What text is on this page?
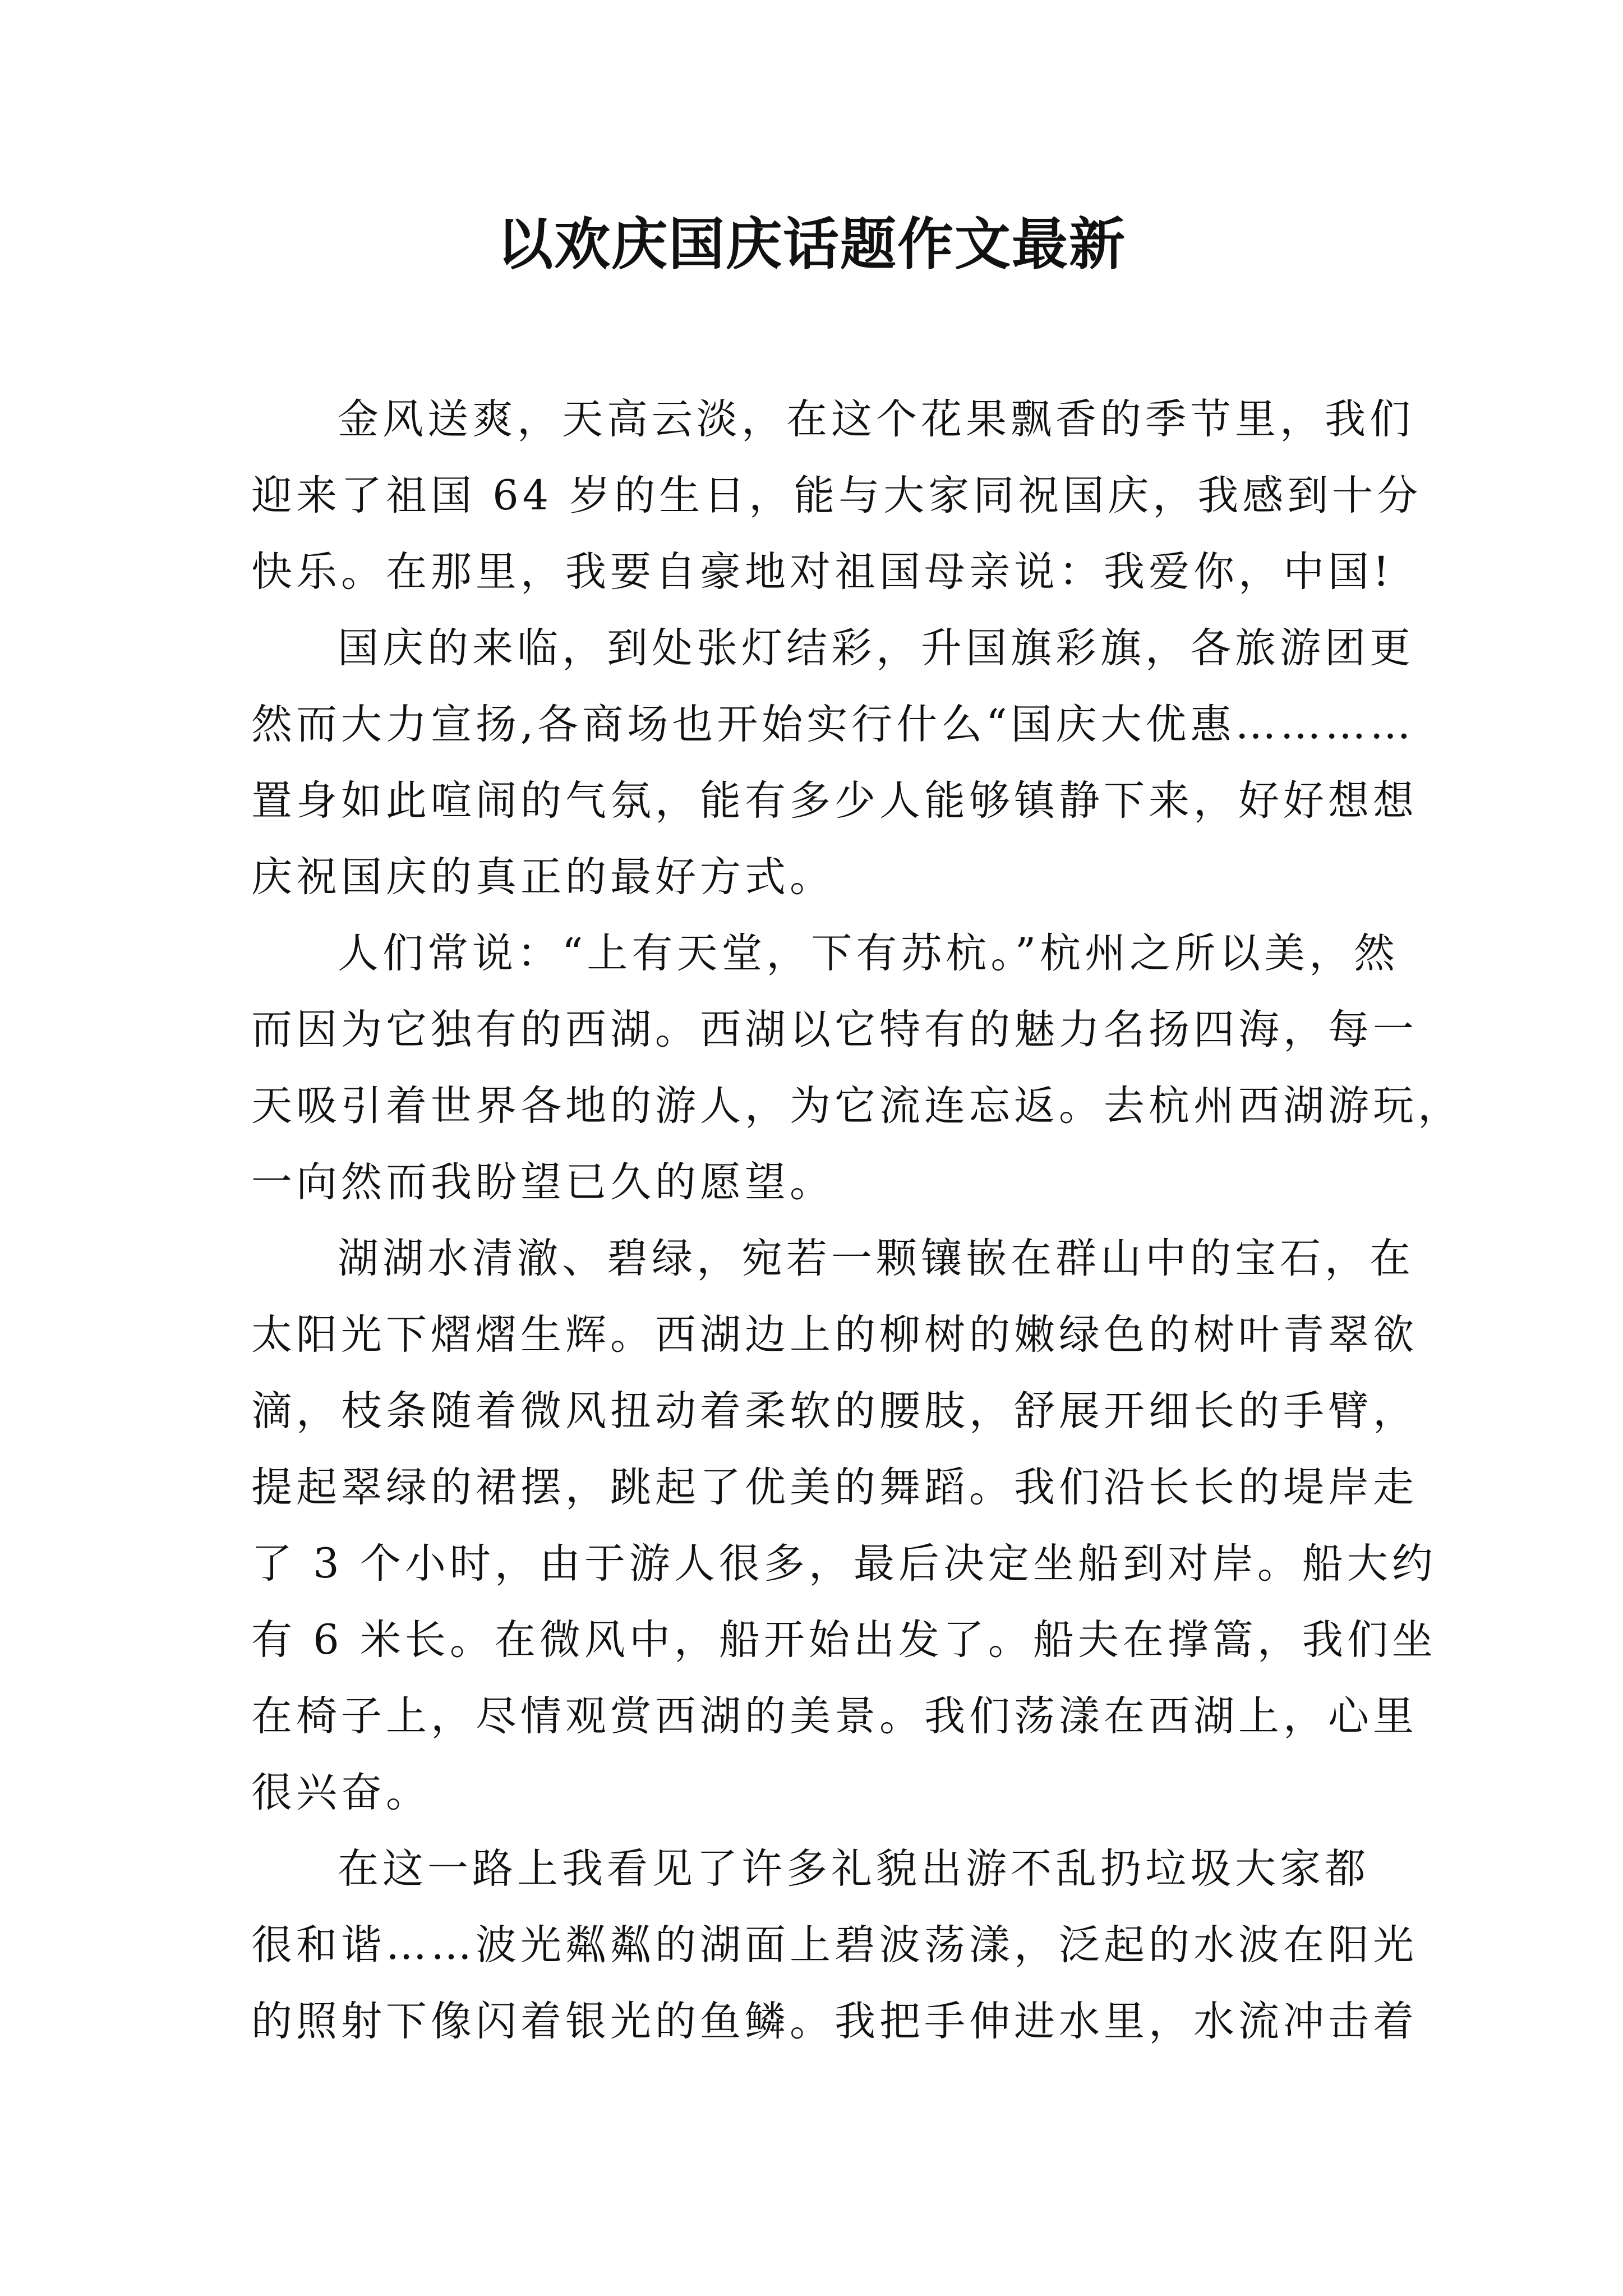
以欢庆国庆话题作文最新
金风送爽，天高云淡，在这个花果飘香的季节里，我们
迎来了祖国 64 岁的生日，能与大家同祝国庆，我感到十分
快乐。在那里，我要自豪地对祖国母亲说：我爱你，中国!
国庆的来临，到处张灯结彩，升国旗彩旗，各旅游团更
然而大力宣扬,各商场也开始实行什么“国庆大优惠…………
置身如此喧闹的气氛，能有多少人能够镇静下来，好好想想
庆祝国庆的真正的最好方式。
人们常说：“上有天堂，下有苏杭。”杭州之所以美，然
而因为它独有的西湖。西湖以它特有的魅力名扬四海，每一
天吸引着世界各地的游人，为它流连忘返。去杭州西湖游玩，
一向然而我盼望已久的愿望。
湖湖水清澈、碧绿，宛若一颗镶嵌在群山中的宝石，在
太阳光下熠熠生辉。西湖边上的柳树的嫩绿色的树叶青翠欲
滴，枝条随着微风扭动着柔软的腰肢，舒展开细长的手臂，
提起翠绿的裙摆，跳起了优美的舞蹈。我们沿长长的堤岸走
了 3 个小时，由于游人很多，最后决定坐船到对岸。船大约
有 6 米长。在微风中，船开始出发了。船夫在撑篙，我们坐
在椅子上，尽情观赏西湖的美景。我们荡漾在西湖上，心里
很兴奋。
在这一路上我看见了许多礼貌出游不乱扔垃圾大家都
很和谐……波光粼粼的湖面上碧波荡漾，泛起的水波在阳光
的照射下像闪着银光的鱼鳞。我把手伸进水里，水流冲击着
